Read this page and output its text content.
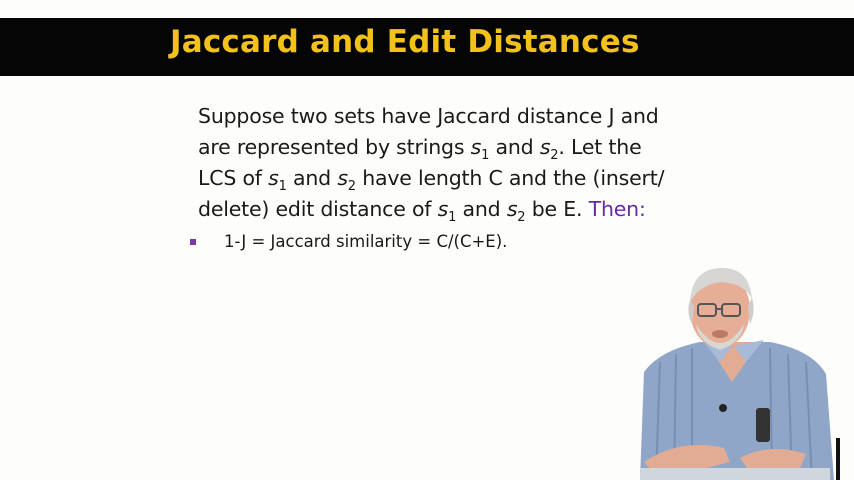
Jaccard and Edit Distances
Suppose two sets have Jaccard distance J and
are represented by strings $s_1$ and $s_2$. Let the
LCS of $s_1$ and $s_2$ have length C and the (insert/
delete) edit distance of $s_1$ and $s_2$ be E. Then:
1-J = Jaccard similarity = C/(C+E).
